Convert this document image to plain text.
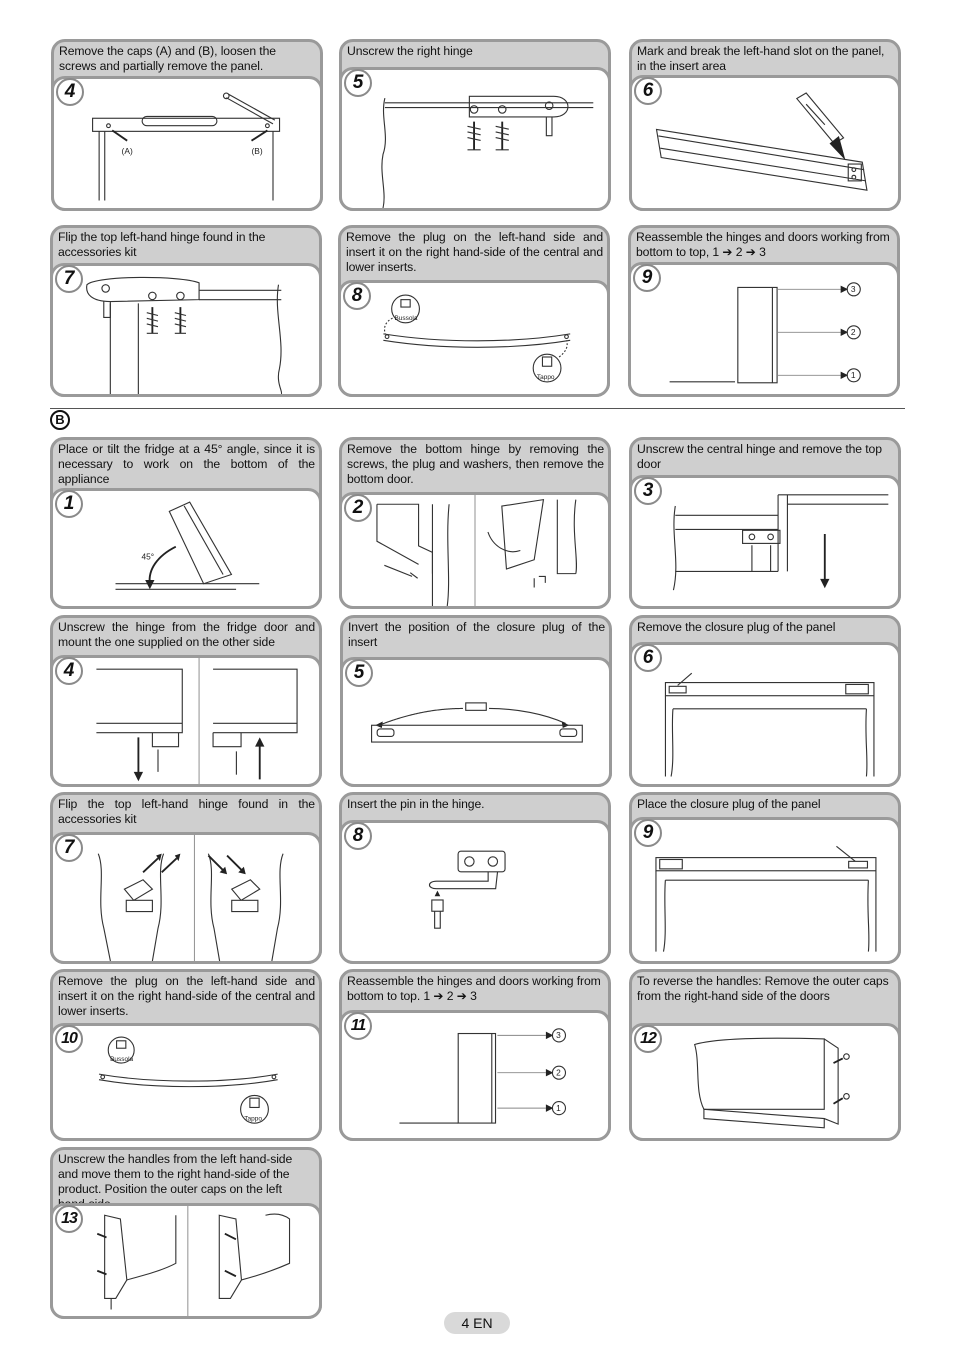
Remove the caps (A) and (B), loosen the screws and partially remove the panel.
4
(A)	(B)
Unscrew the right hinge
5
Mark and break the left-hand slot on the panel, in the insert area
6
Flip the top left-hand hinge found in the accessories kit
7
Remove the plug on the left-hand side and insert it on the right hand-side of the central and lower inserts.
8
Bussola
Tappo
Reassemble the hinges and doors working from bottom to top, 1 ➔ 2 ➔ 3
9
3
2
1
B
Place or tilt the fridge at a 45° angle, since it is necessary to work on the bottom of the appliance
1
45°
Remove the bottom hinge by removing the screws, the plug and washers, then remove the bottom door.
2
Unscrew the central hinge and remove the top door
3
Unscrew the hinge from the fridge door and mount the one supplied on the other side
4
Invert the position of the closure plug of the insert
5
Remove the closure plug of the panel
6
Flip the top left-hand hinge found in the accessories kit
7
Insert the pin in the hinge.
8
Place the closure plug of the panel
9
Remove the plug on the left-hand side and insert it on the right hand-side of the central and lower inserts.
10
Bussola
Tappo
Reassemble the hinges and doors working from bottom to top. 1 ➔ 2 ➔ 3
11
3
2
1
To reverse the handles: Remove the outer caps from the right-hand side of the doors
12
Unscrew the handles from the left hand-side and move them to the right hand-side of the product. Position the outer caps on the left
13
4 EN
